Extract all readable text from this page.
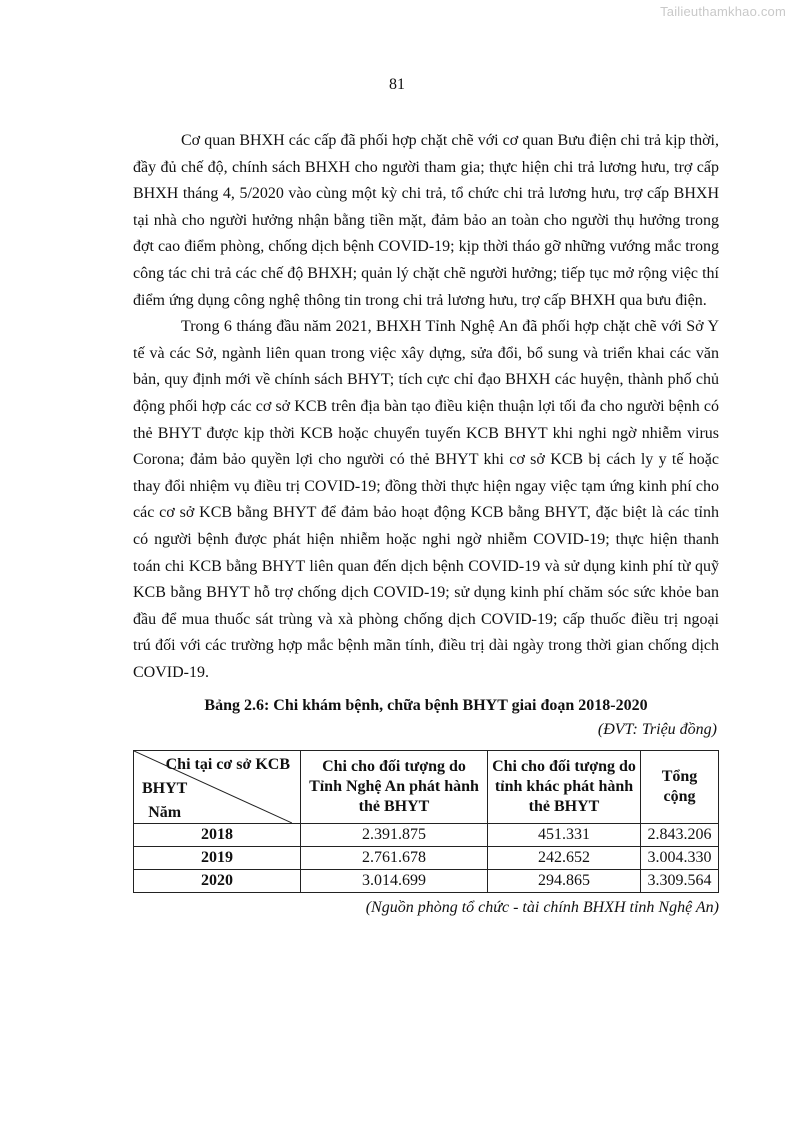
Tailieuthamkhao.com
81

Cơ quan BHXH các cấp đã phối hợp chặt chẽ với cơ quan Bưu điện chi trả kịp thời, đầy đủ chế độ, chính sách BHXH cho người tham gia; thực hiện chi trả lương hưu, trợ cấp BHXH tháng 4, 5/2020 vào cùng một kỳ chi trả, tổ chức chi trả lương hưu, trợ cấp BHXH tại nhà cho người hưởng nhận bằng tiền mặt, đảm bảo an toàn cho người thụ hưởng trong đợt cao điểm phòng, chống dịch bệnh COVID-19; kịp thời tháo gỡ những vướng mắc trong công tác chi trả các chế độ BHXH; quản lý chặt chẽ người hưởng; tiếp tục mở rộng việc thí điểm ứng dụng công nghệ thông tin trong chi trả lương hưu, trợ cấp BHXH qua bưu điện.

Trong 6 tháng đầu năm 2021, BHXH Tỉnh Nghệ An đã phối hợp chặt chẽ với Sở Y tế và các Sở, ngành liên quan trong việc xây dựng, sửa đổi, bổ sung và triển khai các văn bản, quy định mới về chính sách BHYT; tích cực chỉ đạo BHXH các huyện, thành phố chủ động phối hợp các cơ sở KCB trên địa bàn tạo điều kiện thuận lợi tối đa cho người bệnh có thẻ BHYT được kịp thời KCB hoặc chuyển tuyến KCB BHYT khi nghi ngờ nhiễm virus Corona; đảm bảo quyền lợi cho người có thẻ BHYT khi cơ sở KCB bị cách ly y tế hoặc thay đổi nhiệm vụ điều trị COVID-19; đồng thời thực hiện ngay việc tạm ứng kinh phí cho các cơ sở KCB bằng BHYT để đảm bảo hoạt động KCB bằng BHYT, đặc biệt là các tỉnh có người bệnh được phát hiện nhiễm hoặc nghi ngờ nhiễm COVID-19; thực hiện thanh toán chi KCB bằng BHYT liên quan đến dịch bệnh COVID-19 và sử dụng kinh phí từ quỹ KCB bằng BHYT hỗ trợ chống dịch COVID-19; sử dụng kinh phí chăm sóc sức khỏe ban đầu để mua thuốc sát trùng và xà phòng chống dịch COVID-19; cấp thuốc điều trị ngoại trú đối với các trường hợp mắc bệnh mãn tính, điều trị dài ngày trong thời gian chống dịch COVID-19.

Bảng 2.6: Chi khám bệnh, chữa bệnh BHYT giai đoạn 2018-2020

(ĐVT: Triệu đồng)

Chi tại cơ sở KCB
BHYT
Năm	Chi cho đối tượng do Tỉnh Nghệ An phát hành thẻ BHYT	Chi cho đối tượng do tỉnh khác phát hành thẻ BHYT	Tổng cộng
2018	2.391.875	451.331	2.843.206
2019	2.761.678	242.652	3.004.330
2020	3.014.699	294.865	3.309.564

(Nguồn phòng tổ chức - tài chính BHXH tỉnh Nghệ An)
